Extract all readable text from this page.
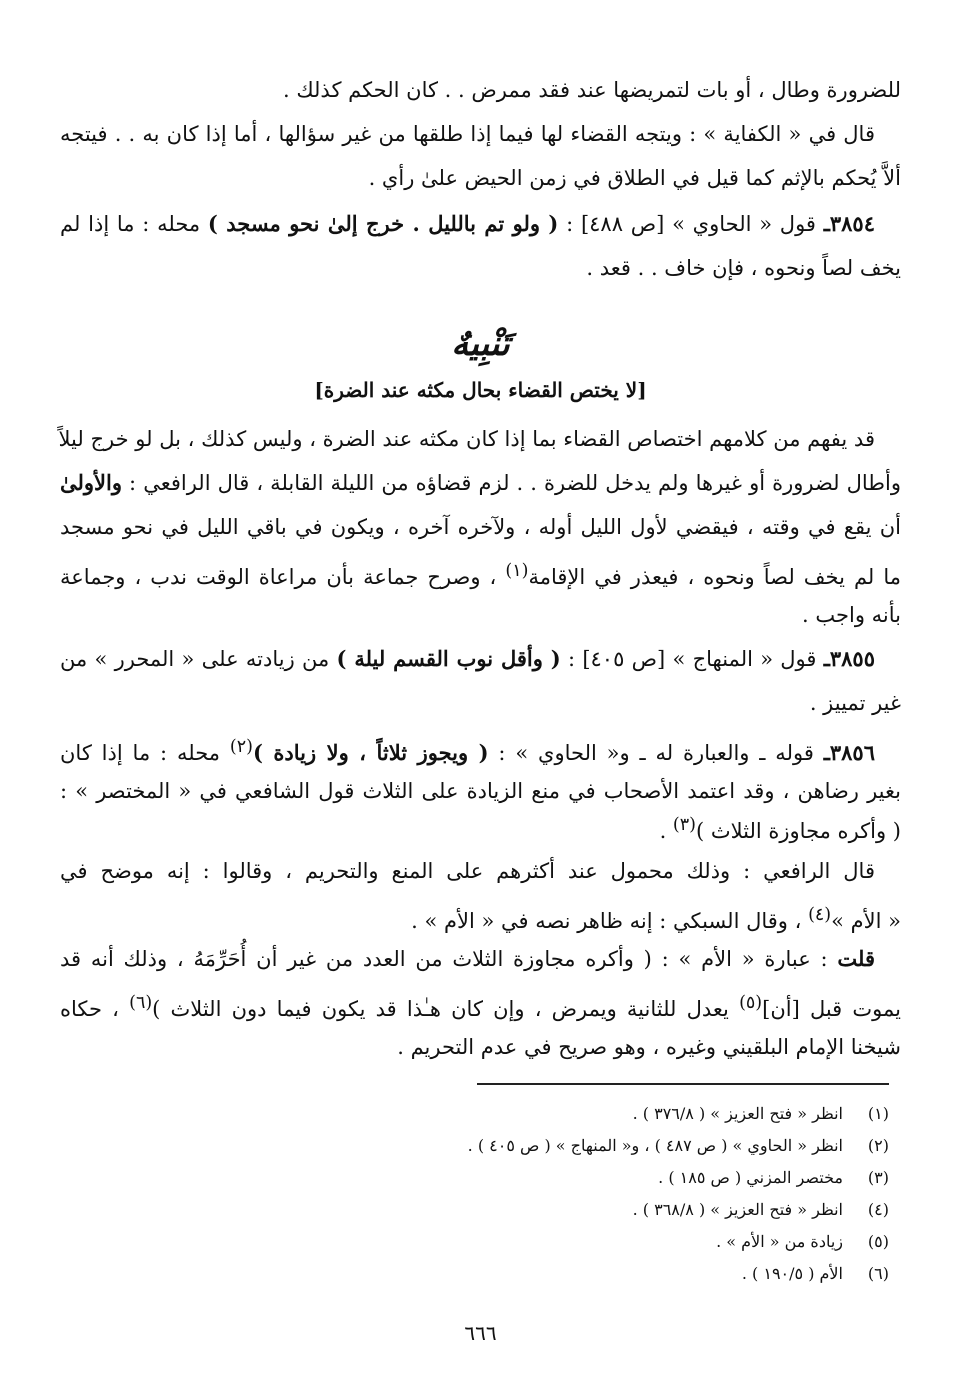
للضرورة وطال ، أو بات لتمريضها عند فقد ممرض . . كان الحكم كذلك .
قال في « الكفاية » : ويتجه القضاء لها فيما إذا طلقها من غير سؤالها ، أما إذا كان به . . فيتجه
ألاَّ يُحكم بالإثم كما قيل في الطلاق في زمن الحيض علىٰ رأي .
٣٨٥٤ـ قول « الحاوي » [ص ٤٨٨] : ( ولو تم بالليل . خرج إلىٰ نحو مسجد ) محله : ما إذا لم
يخف لصاً ونحوه ، فإن خاف . . قعد .
تَنْبِيهٌ
[لا يختص القضاء بحال مكثه عند الضرة]
قد يفهم من كلامهم اختصاص القضاء بما إذا كان مكثه عند الضرة ، وليس كذلك ، بل لو خرج ليلاً
وأطال لضرورة أو غيرها ولم يدخل للضرة . . لزم قضاؤه من الليلة القابلة ، قال الرافعي : والأولىٰ
أن يقع في وقته ، فيقضي لأول الليل أوله ، ولآخره آخره ، ويكون في باقي الليل في نحو مسجد
ما لم يخف لصاً ونحوه ، فيعذر في الإقامة$^{(١)}$ ، وصرح جماعة بأن مراعاة الوقت ندب ، وجماعة
بأنه واجب .
٣٨٥٥ـ قول « المنهاج » [ص ٤٠٥] : ( وأقل نوب القسم ليلة ) من زيادته على « المحرر » من
غير تمييز .
٣٨٥٦ـ قوله ـ والعبارة له ـ و« الحاوي » : ( ويجوز ثلاثاً ، ولا زيادة )$^{(٢)}$ محله : ما إذا كان
بغير رضاهن ، وقد اعتمد الأصحاب في منع الزيادة على الثلاث قول الشافعي في « المختصر » :
( وأكره مجاوزة الثلاث )$^{(٣)}$ .
قال الرافعي : وذلك محمول عند أكثرهم على المنع والتحريم ، وقالوا : إنه موضح في
« الأم »$^{(٤)}$ ، وقال السبكي : إنه ظاهر نصه في « الأم » .
قلت : عبارة « الأم » : ( وأكره مجاوزة الثلاث من العدد من غير أن أُحَرِّمَهُ ، وذلك أنه قد
يموت قبل [أن]$^{(٥)}$ يعدل للثانية ويمرض ، وإن كان هـٰذا قد يكون فيما دون الثلاث )$^{(٦)}$ ، حكاه
شيخنا الإمام البلقيني وغيره ، وهو صريح في عدم التحريم .
(١)انظر « فتح العزيز » ( ٣٧٦/٨ ) .
(٢)انظر « الحاوي » ( ص ٤٨٧ ) ، و« المنهاج » ( ص ٤٠٥ ) .
(٣)مختصر المزني ( ص ١٨٥ ) .
(٤)انظر « فتح العزيز » ( ٣٦٨/٨ ) .
(٥)زيادة من « الأم » .
(٦)الأم ( ١٩٠/٥ ) .
٦٦٦
